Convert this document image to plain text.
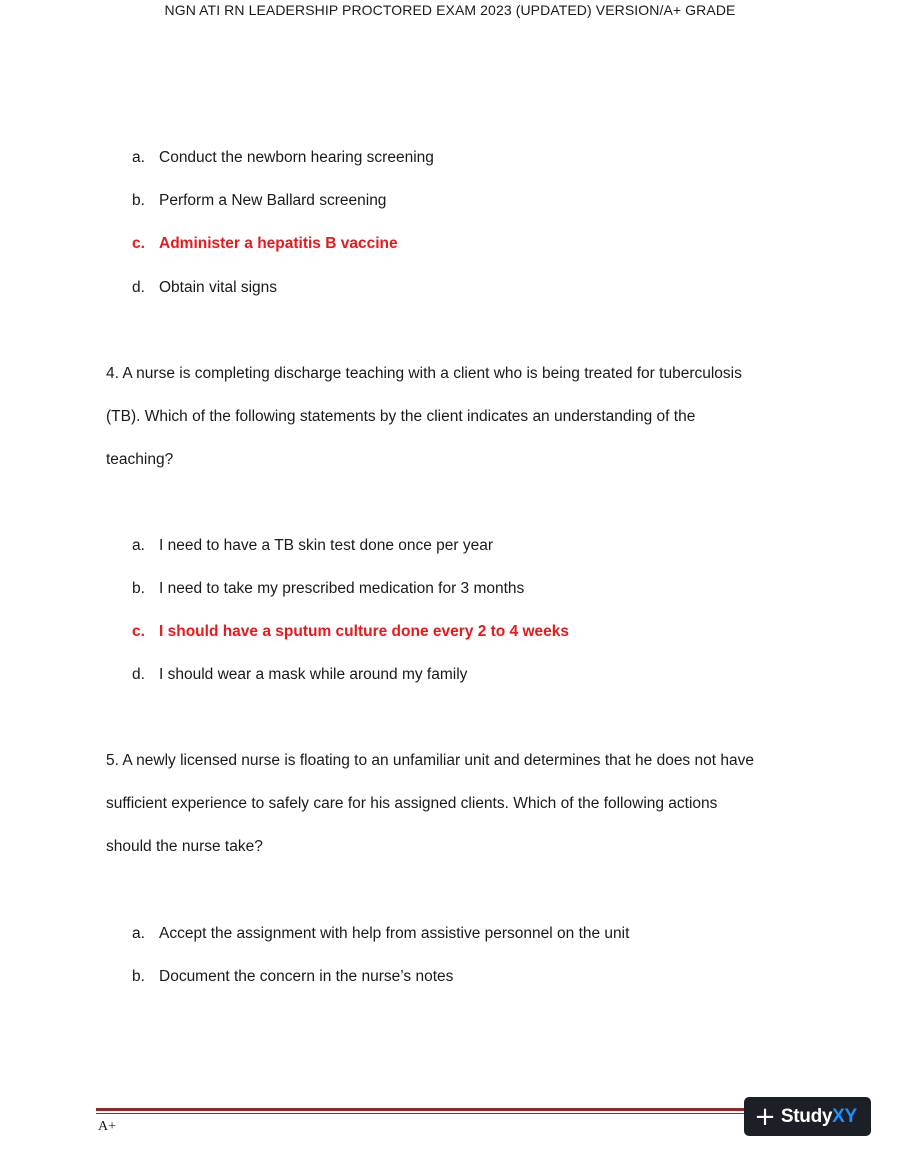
NGN ATI RN LEADERSHIP PROCTORED EXAM 2023 (UPDATED) VERSION/A+ GRADE
a. Conduct the newborn hearing screening
b. Perform a New Ballard screening
c. Administer a hepatitis B vaccine
d. Obtain vital signs
4. A nurse is completing discharge teaching with a client who is being treated for tuberculosis
(TB). Which of the following statements by the client indicates an understanding of the
teaching?
a. I need to have a TB skin test done once per year
b. I need to take my prescribed medication for 3 months
c. I should have a sputum culture done every 2 to 4 weeks
d. I should wear a mask while around my family
5. A newly licensed nurse is floating to an unfamiliar unit and determines that he does not have
sufficient experience to safely care for his assigned clients. Which of the following actions
should the nurse take?
a. Accept the assignment with help from assistive personnel on the unit
b. Document the concern in the nurse’s notes
A+	+ StudyXY
